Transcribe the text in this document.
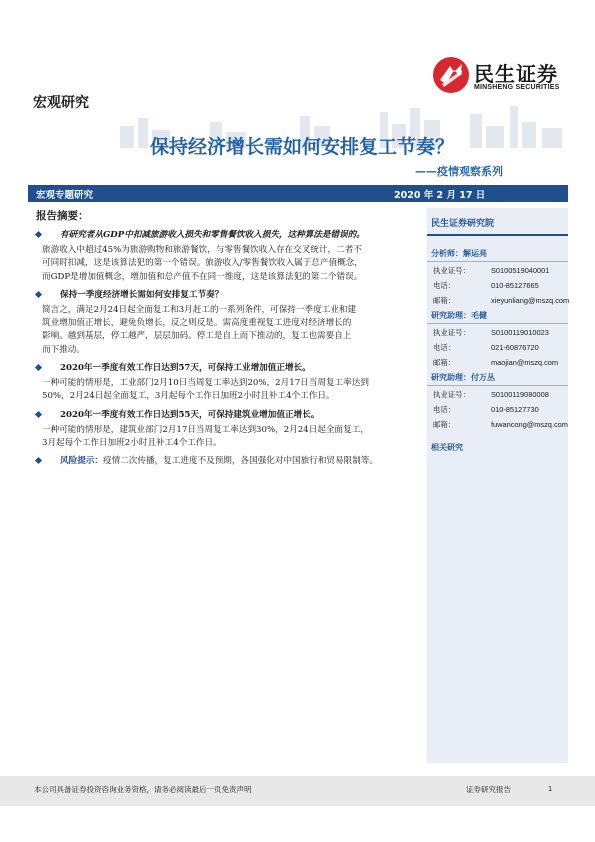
民生证券
MINSHENG SECURITIES
宏观研究
保持经济增长需如何安排复工节奏？
——疫情观察系列
宏观专题研究	2020 年 2 月 17 日
报告摘要：
有研究者从GDP中扣减旅游收入损失和零售餐饮收入损失，这种算法是错误的。
旅游收入中超过45%为旅游购物和旅游餐饮，与零售餐饮收入存在交叉统计，二者不
可同时扣减，这是该算法犯的第一个错误。旅游收入/零售餐饮收入属于总产值概念，
而GDP是增加值概念，增加值和总产值不在同一维度，这是该算法犯的第二个错误。
保持一季度经济增长需如何安排复工节奏？
简言之，满足2月24日起全面复工和3月赶工的一系列条件，可保持一季度工业和建
筑业增加值正增长，避免负增长，反之则反是。需高度重视复工进度对经济增长的
影响。越到基层，停工越严，层层加码。停工是自上而下推动的，复工也需要自上
而下推动。
2020年一季度有效工作日达到57天，可保持工业增加值正增长。
一种可能的情形是，工业部门2月10日当周复工率达到20%，2月17日当周复工率达到
50%，2月24日起全面复工，3月起每个工作日加班2小时且补工4个工作日。
2020年一季度有效工作日达到55天，可保持建筑业增加值正增长。
一种可能的情形是，建筑业部门2月17日当周复工率达到30%，2月24日起全面复工，
3月起每个工作日加班2小时且补工4个工作日。
风险提示：疫情二次传播，复工进度不及预期，各国强化对中国旅行和贸易限制等。
民生证券研究院
分析师：解运亮
执业证号：	S0100519040001
电话：	010-85127665
邮箱：	xieyunliang@mszq.com
研究助理：毛健
执业证号：	S0100119010023
电话：	021-60876720
邮箱：	maojian@mszq.com
研究助理：付万丛
执业证号：	S0100119080008
电话：	010-85127730
邮箱：	fuwancong@mszq.com
相关研究
本公司具备证券投资咨询业务资格，请务必阅读最后一页免责声明	证券研究报告	1
